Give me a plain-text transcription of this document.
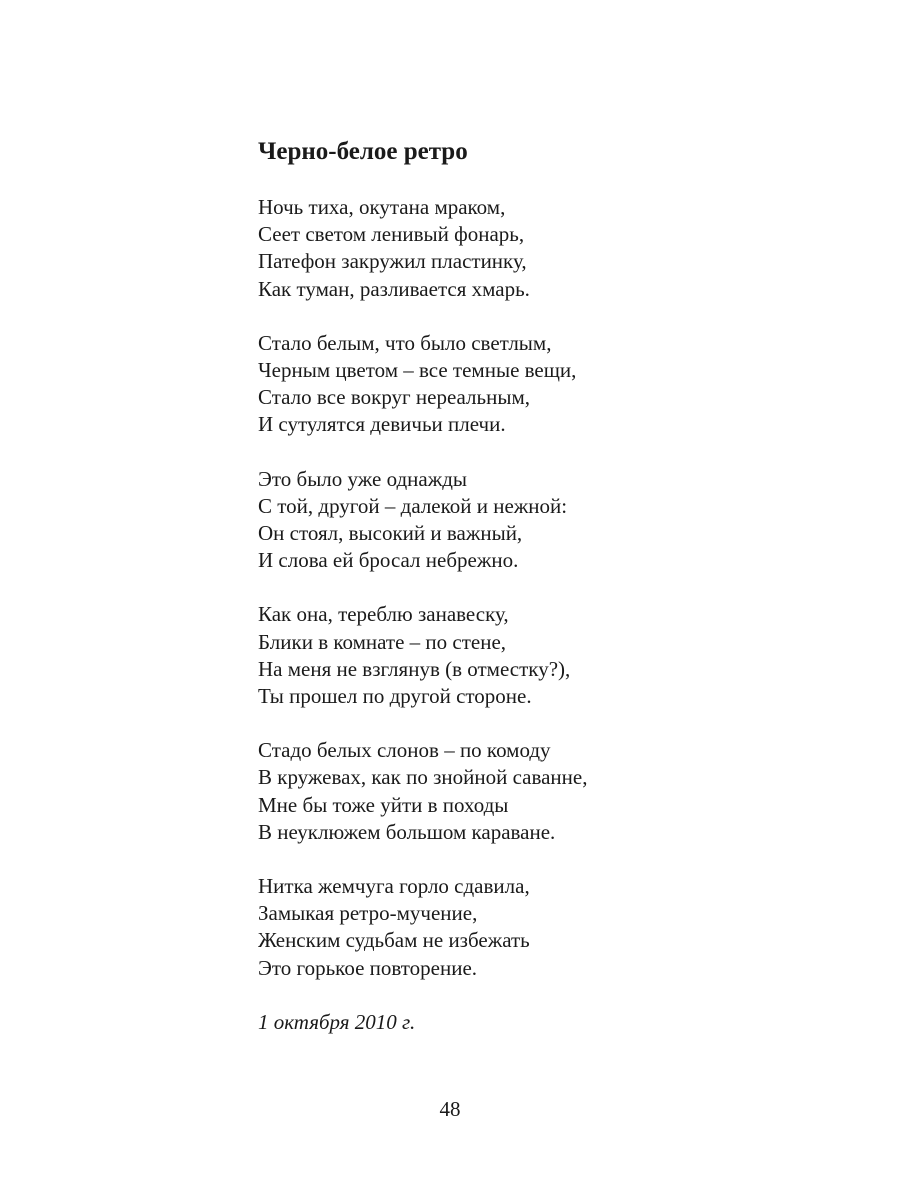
Черно-белое ретро
Ночь тиха, окутана мраком,
Сеет светом ленивый фонарь,
Патефон закружил пластинку,
Как туман, разливается хмарь.
Стало белым, что было светлым,
Черным цветом – все темные вещи,
Стало все вокруг нереальным,
И сутулятся девичьи плечи.
Это было уже однажды
С той, другой – далекой и нежной:
Он стоял, высокий и важный,
И слова ей бросал небрежно.
Как она, тереблю занавеску,
Блики в комнате – по стене,
На меня не взглянув (в отместку?),
Ты прошел по другой стороне.
Стадо белых слонов – по комоду
В кружевах, как по знойной саванне,
Мне бы тоже уйти в походы
В неуклюжем большом караване.
Нитка жемчуга горло сдавила,
Замыкая ретро-мучение,
Женским судьбам не избежать
Это горькое повторение.

1 октября 2010 г.

48
